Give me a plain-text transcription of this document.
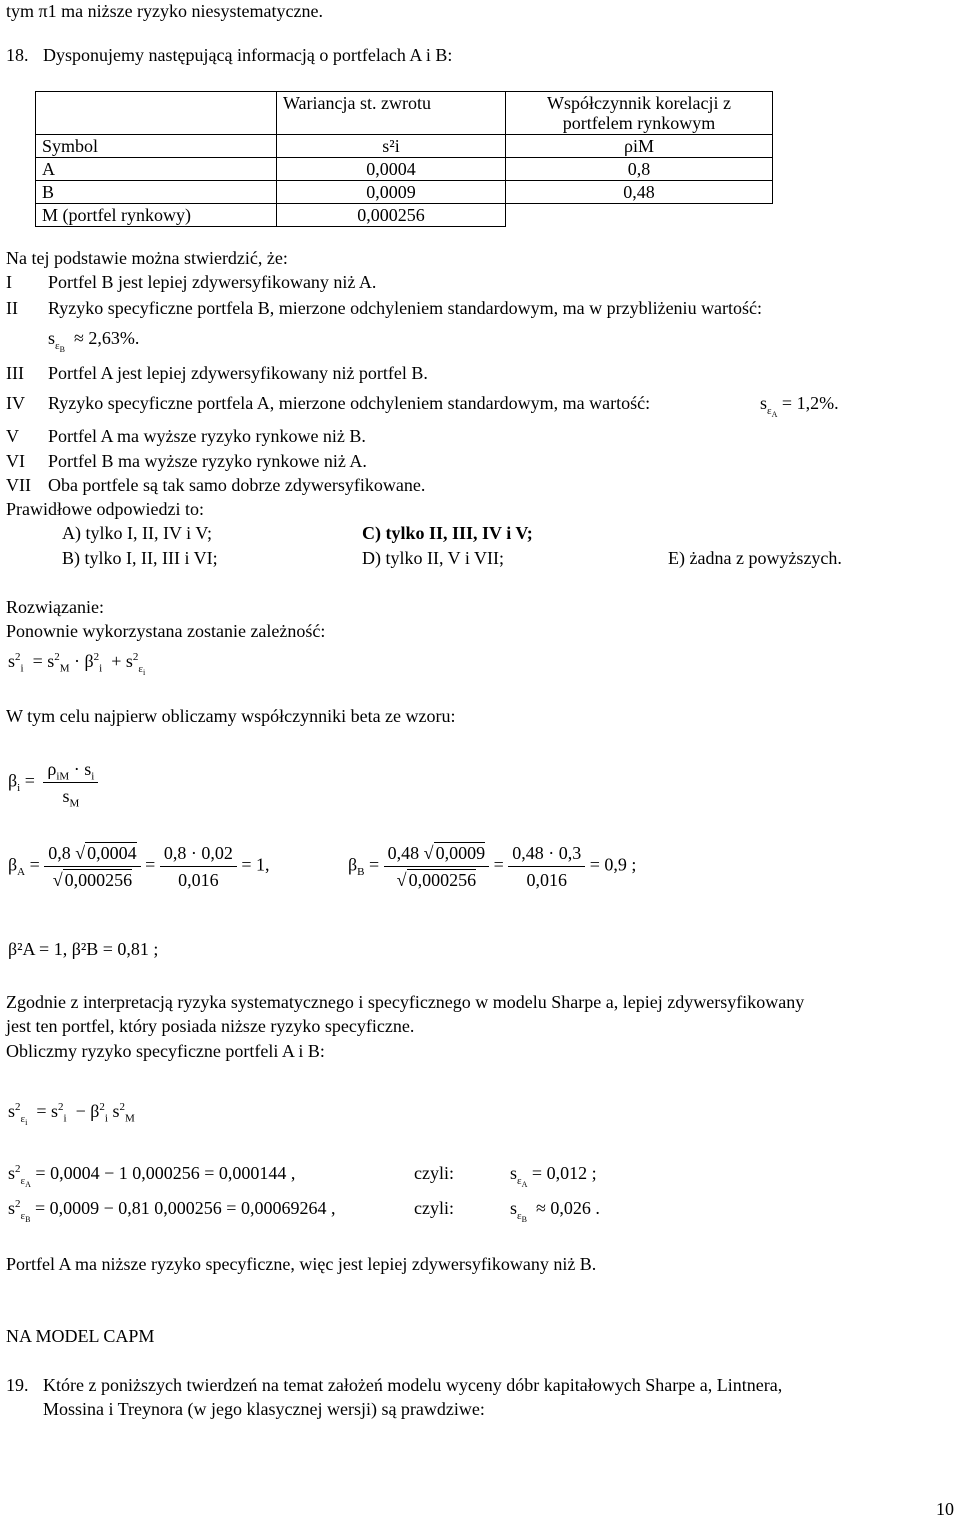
tym π1 ma niższe ryzyko niesystematyczne.
18. Dysponujemy następującą informacją o portfelach A i B:
	Wariancja st. zwrotu	Współczynnik korelacji z portfelem rynkowym
Symbol	s²i	ρiM
A	0,0004	0,8
B	0,0009	0,48
M (portfel rynkowy)	0,000256	
Na tej podstawie można stwierdzić, że:
I Portfel B jest lepiej zdywersyfikowany niż A.
II Ryzyko specyficzne portfela B, mierzone odchyleniem standardowym, ma w przybliżeniu wartość:
$s_{\varepsilon_B} \approx 2,63\%$.
III Portfel A jest lepiej zdywersyfikowany niż portfel B.
IV Ryzyko specyficzne portfela A, mierzone odchyleniem standardowym, ma wartość:	$s_{\varepsilon_A} = 1,2\%$.
V Portfel A ma wyższe ryzyko rynkowe niż B.
VI Portfel B ma wyższe ryzyko rynkowe niż A.
VII Oba portfele są tak samo dobrze zdywersyfikowane.
Prawidłowe odpowiedzi to:
A) tylko I, II, IV i V;	C) tylko II, III, IV i V;
B) tylko I, II, III i VI;	D) tylko II, V i VII;	E) żadna z powyższych.
Rozwiązanie:
Ponownie wykorzystana zostanie zależność:
$s^2_i = s^2_M \cdot \beta^2_i + s^2_{\varepsilon_i}$
W tym celu najpierw obliczamy współczynniki beta ze wzoru:
$\beta_i = \frac{\rho_{iM} \cdot s_i}{s_M}$
$\beta_A = \frac{0,8 √ 0,0004}{√ 0,000256} = \frac{0,8 \cdot 0,02}{0,016} = 1$,	$\beta_B = \frac{0,48 √ 0,0009}{√ 0,000256} = \frac{0,48 \cdot 0,3}{0,016} = 0,9$ ;
β²A = 1, β²B = 0,81 ;
Zgodnie z interpretacją ryzyka systematycznego i specyficznego w modelu Sharpe a, lepiej zdywersyfikowany
jest ten portfel, który posiada niższe ryzyko specyficzne.
Obliczmy ryzyko specyficzne portfeli A i B:
$s^2_{\varepsilon_i} = s^2_i - \beta^2_i$ $s^2_M$
$s^2_{\varepsilon_A} = 0,0004 - 1$ 0,000256 = 0,000144 ,	czyli:	$s_{\varepsilon_A} = 0,012$ ;
$s^2_{\varepsilon_B} = 0,0009 - 0,81$ 0,000256 = 0,00069264 ,	czyli:	$s_{\varepsilon_B} \approx 0,026$ .
Portfel A ma niższe ryzyko specyficzne, więc jest lepiej zdywersyfikowany niż B.
NA MODEL CAPM
19. Które z poniższych twierdzeń na temat założeń modelu wyceny dóbr kapitałowych Sharpe a, Lintnera,
Mossina i Treynora (w jego klasycznej wersji) są prawdziwe:
10
